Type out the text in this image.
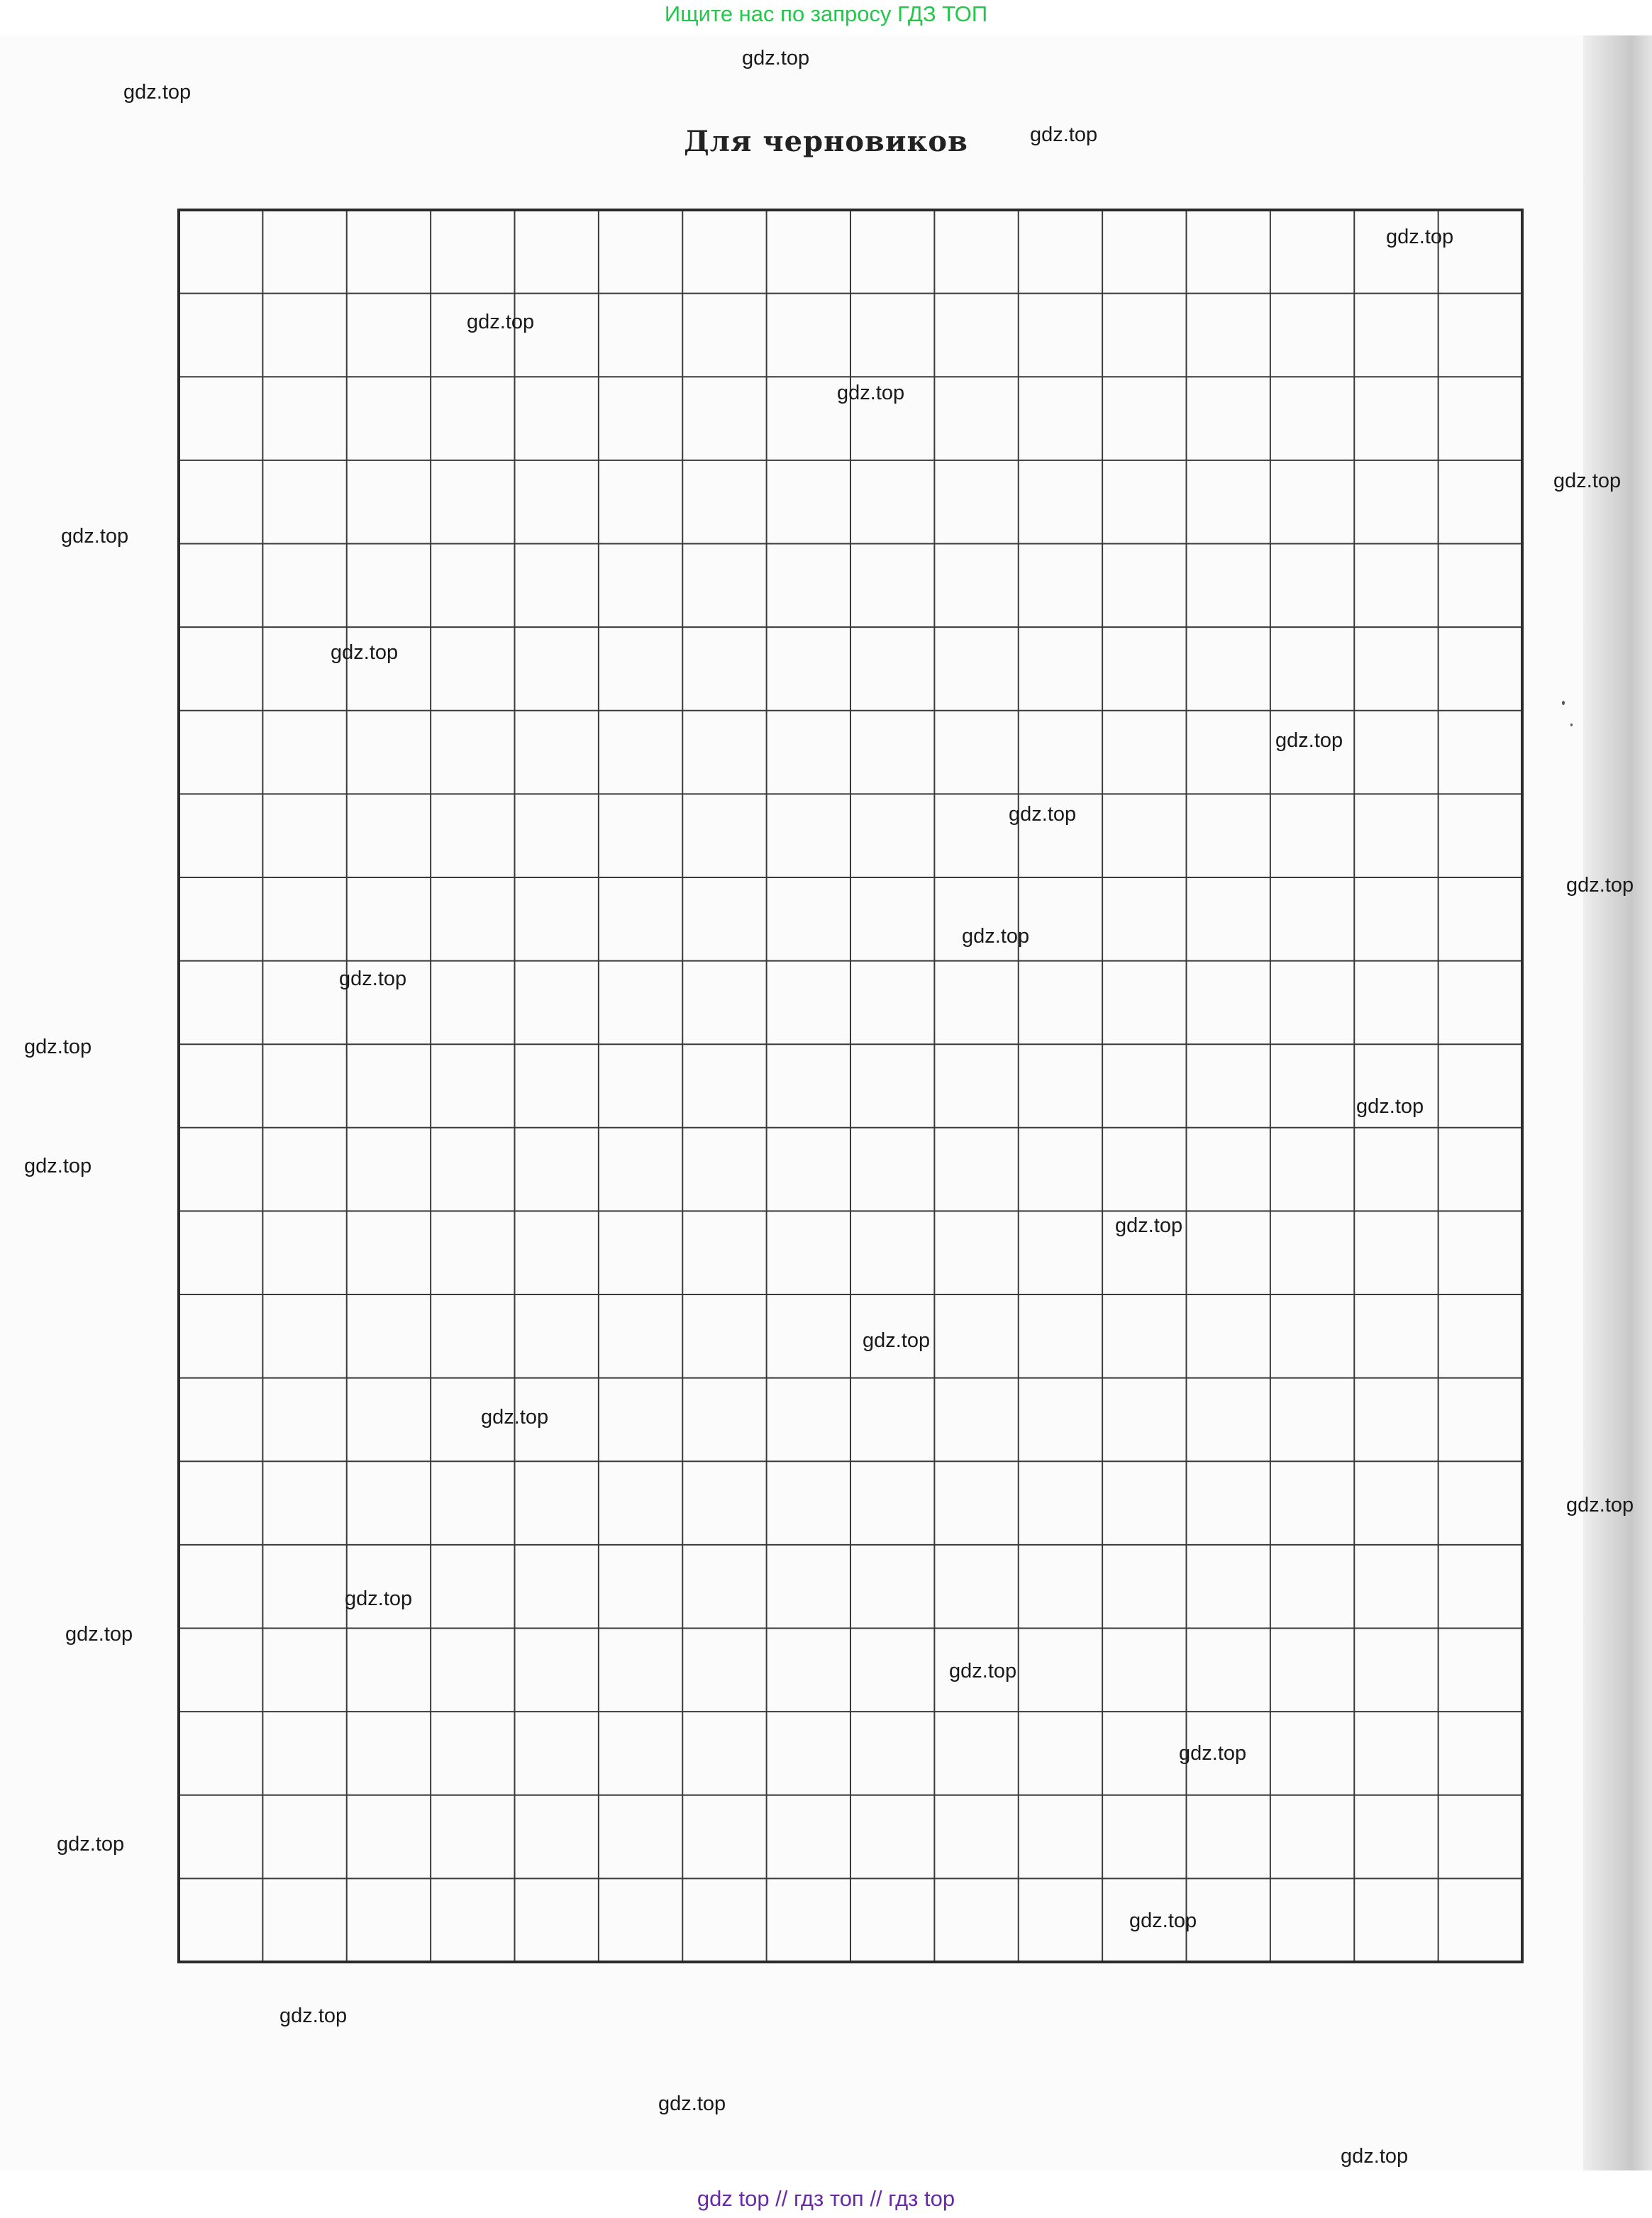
Ищите нас по запросу ГДЗ ТОП
Для черновиков
gdz.top
gdz.top
gdz.top
gdz.top
gdz.top
gdz.top
gdz.top
gdz.top
gdz.top
gdz.top
gdz.top
gdz.top
gdz.top
gdz.top
gdz.top
gdz.top
gdz.top
gdz.top
gdz.top
gdz.top
gdz.top
gdz.top
gdz.top
gdz.top
gdz.top
gdz.top
gdz.top
gdz.top
gdz.top
gdz.top
gdz top // гдз топ // гдз top
